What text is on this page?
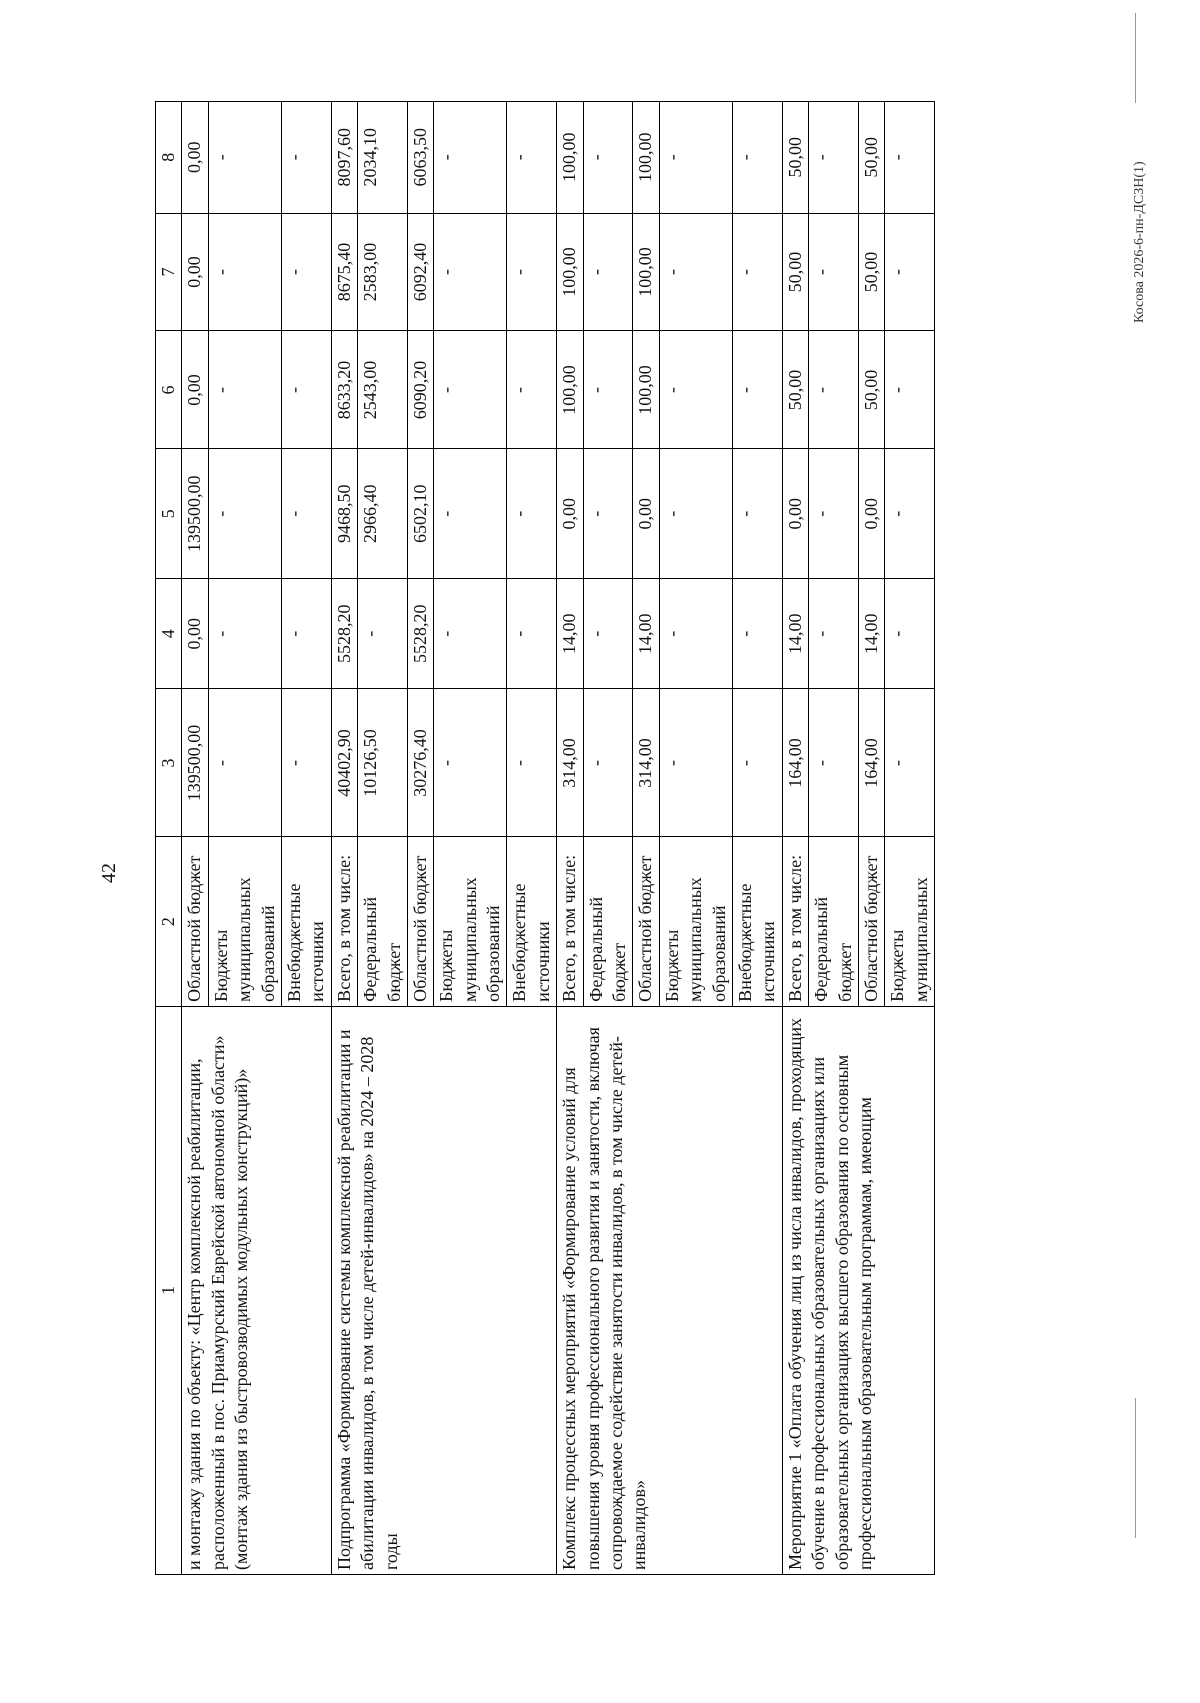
42
1	2	3	4	5	6	7	8
и монтажу здания по объекту: «Центр комплексной реабилитации, расположенный в пос. Приамурский Еврейской автономной области» (монтаж здания из быстровозводимых модульных конструкций)»	Областной бюджет	139500,00	0,00	139500,00	0,00	0,00	0,00
	Бюджеты муниципальных образований	-	-	-	-	-	-
	Внебюджетные источники	-	-	-	-	-	-
Подпрограмма «Формирование системы комплексной реабилитации и абилитации инвалидов, в том числе детей-инвалидов» на 2024 – 2028 годы	Всего, в том числе:	40402,90	5528,20	9468,50	8633,20	8675,40	8097,60
	Федеральный бюджет	10126,50	-	2966,40	2543,00	2583,00	2034,10
	Областной бюджет	30276,40	5528,20	6502,10	6090,20	6092,40	6063,50
	Бюджеты муниципальных образований	-	-	-	-	-	-
	Внебюджетные источники	-	-	-	-	-	-
Комплекс процессных мероприятий «Формирование условий для повышения уровня профессионального развития и занятости, включая сопровождаемое содействие занятости инвалидов, в том числе детей-инвалидов»	Всего, в том числе:	314,00	14,00	0,00	100,00	100,00	100,00
	Федеральный бюджет	-	-	-	-	-	-
	Областной бюджет	314,00	14,00	0,00	100,00	100,00	100,00
	Бюджеты муниципальных образований	-	-	-	-	-	-
	Внебюджетные источники	-	-	-	-	-	-
Мероприятие 1 «Оплата обучения лиц из числа инвалидов, проходящих обучение в профессиональных образовательных организациях или образовательных организациях высшего образования по основным профессиональным образовательным программам, имеющим	Всего, в том числе:	164,00	14,00	0,00	50,00	50,00	50,00
	Федеральный бюджет	-	-	-	-	-	-
	Областной бюджет	164,00	14,00	0,00	50,00	50,00	50,00
	Бюджеты муниципальных	-	-	-	-	-	-
Косова 2026-6-пн-ДСЗН(1)
